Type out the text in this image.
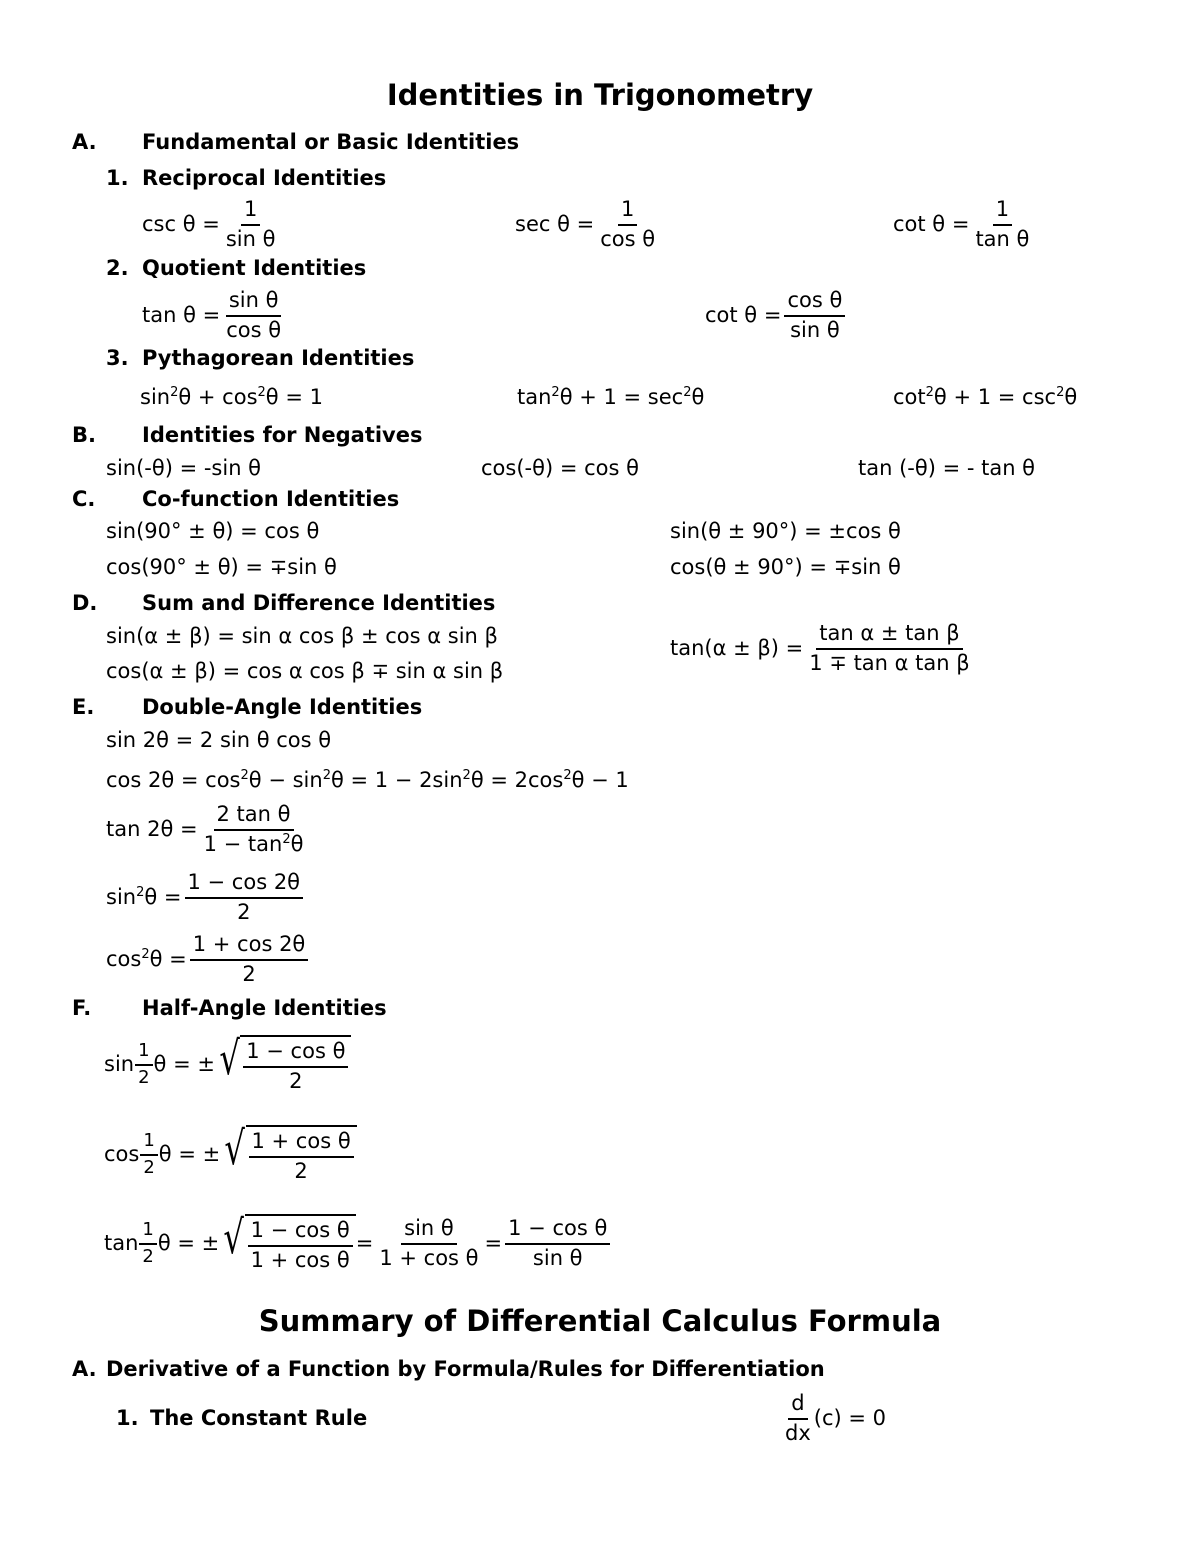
Identities in Trigonometry
A. Fundamental or Basic Identities
1. Reciprocal Identities
$\csc \theta = \frac{1}{\text{sin θ}}$	$\sec \theta = \frac{1}{\text{cos θ}}$	$\cot \theta = \frac{1}{\text{tan θ}}$
2. Quotient Identities
$\tan \theta = \frac{\text{sin θ}}{\text{cos θ}}$	$\cot \theta = \frac{\text{cos θ}}{\text{sin θ}}$
3. Pythagorean Identities
$\sin^2\theta + \cos^2\theta = 1$	$\tan^2\theta + 1 = \sec^2\theta$	$\cot^2\theta + 1 = \csc^2\theta$
B. Identities for Negatives
sin(-θ) = -sin θ	cos(-θ) = cos θ	tan (-θ) = - tan θ
C. Co-function Identities
sin(90° ± θ) = cos θ
cos(90° ± θ) = ∓sin θ
sin(θ ± 90°) = ±cos θ
cos(θ ± 90°) = ∓sin θ
D. Sum and Difference Identities
sin(α ± β) = sin α cos β ± cos α sin β
cos(α ± β) = cos α cos β ∓ sin α sin β
$\tan(\alpha \pm \beta) = \frac{\text{tan α ± tan β}}{\text{1 ∓ tan α tan β}}$
E. Double-Angle Identities
sin 2θ = 2 sin θ cos θ
$\cos 2\theta = \cos^2\theta - \sin^2\theta = 1 - 2\sin^2\theta = 2\cos^2\theta - 1$
$\tan 2\theta = \frac{\text{2 tan θ}}{1 - \tan^2\theta}$
$\sin^2\theta = \frac{1 - \cos 2\theta}{2}$
$\cos^2\theta = \frac{1 + \cos 2\theta}{2}$
F. Half-Angle Identities
$\sin \frac{1}{2}$ θ = ± √ $\frac{\text{1 − cos θ}}{2}$
$\cos \frac{1}{2}$ θ = ± √ $\frac{\text{1 + cos θ}}{2}$
$\tan \frac{1}{2}$ θ = ± √ $\frac{\text{1 − cos θ}}{\text{1 + cos θ}} = \frac{\text{sin θ}}{\text{1 + cos θ}} = \frac{\text{1 − cos θ}}{\text{sin θ}}$
Summary of Differential Calculus Formula
A. Derivative of a Function by Formula/Rules for Differentiation
1. The Constant Rule	$\frac{d}{dx} (c) = 0$
